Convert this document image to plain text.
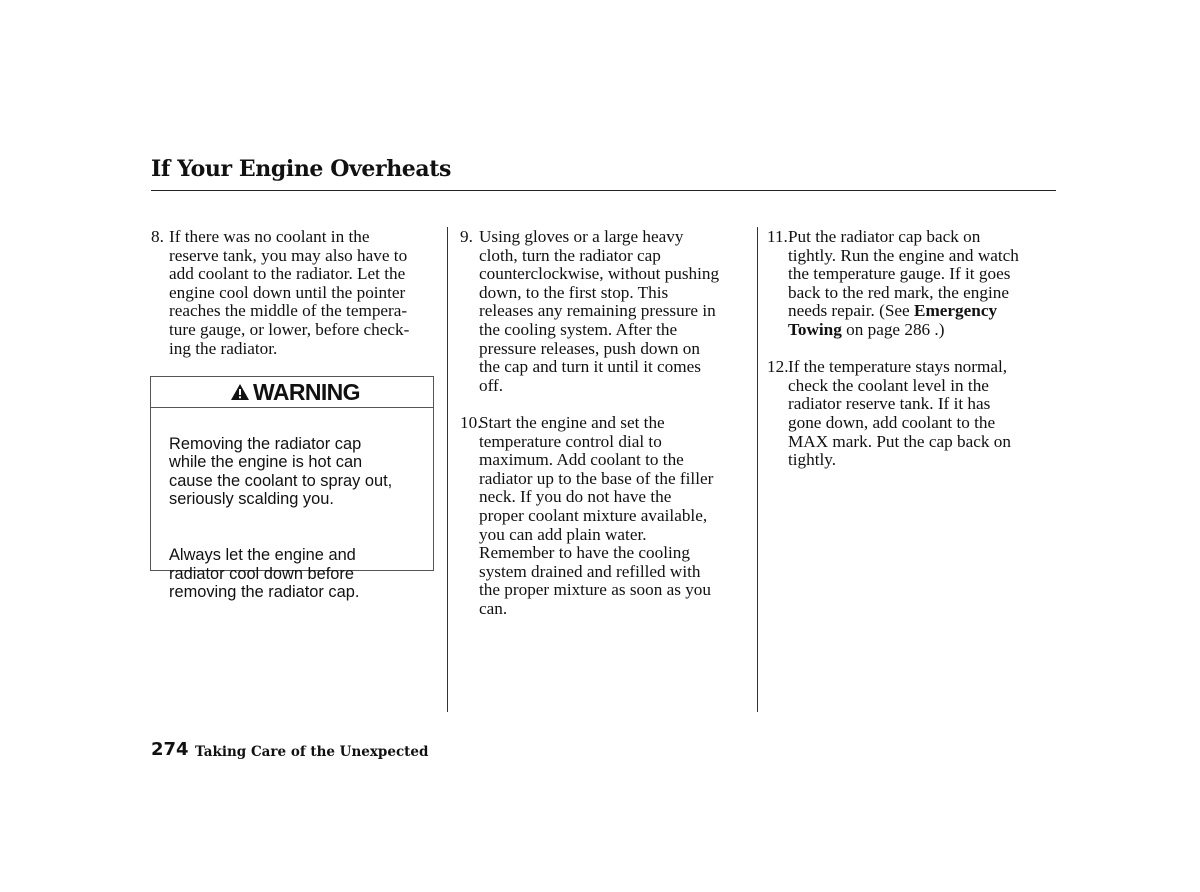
If Your Engine Overheats
8. If there was no coolant in the
reserve tank, you may also have to
add coolant to the radiator. Let the
engine cool down until the pointer
reaches the middle of the tempera-
ture gauge, or lower, before check-
ing the radiator.
WARNING

Removing the radiator cap
while the engine is hot can
cause the coolant to spray out,
seriously scalding you.

Always let the engine and
radiator cool down before
removing the radiator cap.

9. Using gloves or a large heavy
cloth, turn the radiator cap
counterclockwise, without pushing
down, to the first stop. This
releases any remaining pressure in
the cooling system. After the
pressure releases, push down on
the cap and turn it until it comes
off.
10.
Start the engine and set the
temperature control dial to
maximum. Add coolant to the
radiator up to the base of the filler
neck. If you do not have the
proper coolant mixture available,
you can add plain water.
Remember to have the cooling
system drained and refilled with
the proper mixture as soon as you
can.
11. Put the radiator cap back on
tightly. Run the engine and watch
the temperature gauge. If it goes
back to the red mark, the engine
needs repair. (See Emergency
Towing on page 286 .)
12. If the temperature stays normal,
check the coolant level in the
radiator reserve tank. If it has
gone down, add coolant to the
MAX mark. Put the cap back on
tightly.
274 Taking Care of the Unexpected
